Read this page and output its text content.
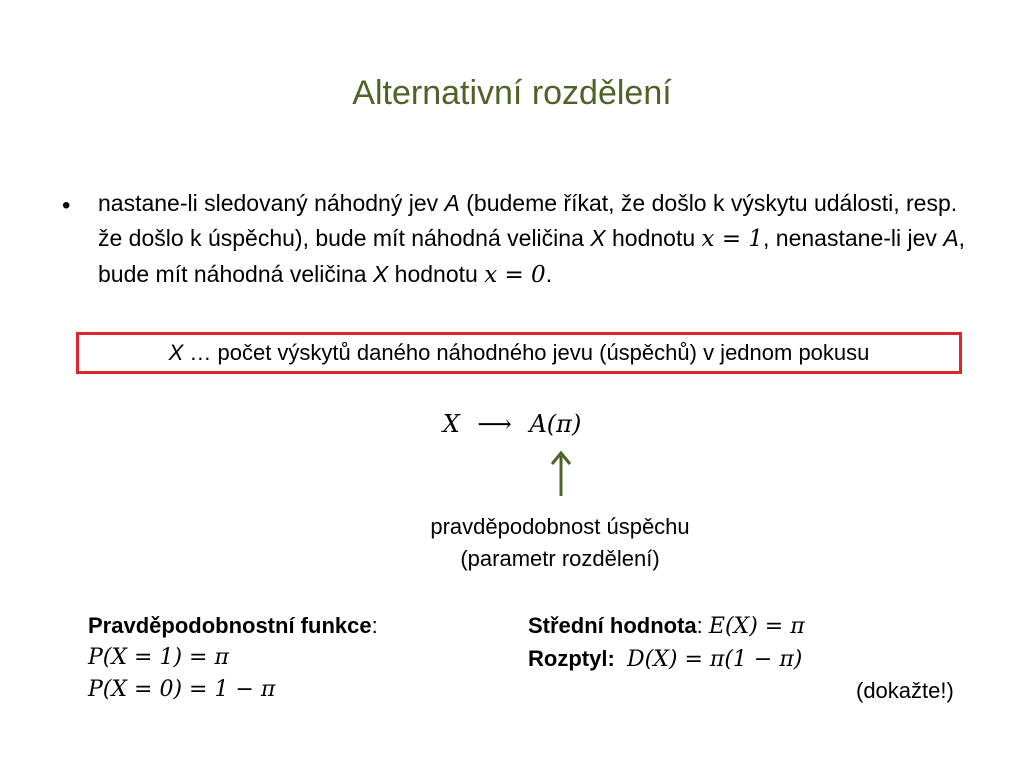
Alternativní rozdělení
• nastane-li sledovaný náhodný jev A (budeme říkat, že došlo k výskytu události, resp. že došlo k úspěchu), bude mít náhodná veličina X hodnotu x = 1, nenastane-li jev A, bude mít náhodná veličina X hodnotu x = 0.
X … počet výskytů daného náhodného jevu (úspěchů) v jednom pokusu
X ⟶ A(π)
pravděpodobnost úspěchu
(parametr rozdělení)
Pravděpodobnostní funkce:
P(X = 1) = π
P(X = 0) = 1 − π
Střední hodnota: E(X) = π
Rozptyl: D(X) = π(1 − π)
(dokažte!)
